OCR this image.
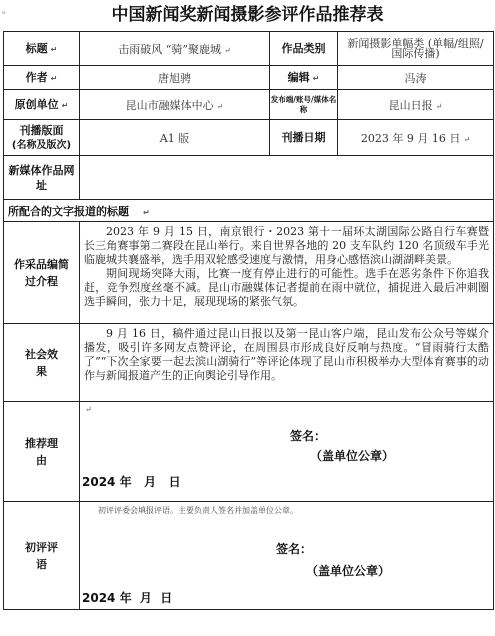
。	中国新闻奖新闻摄影参评作品推荐表
标题 ↵	击雨破风 “骑”聚鹿城 ↵	作品类别	新闻摄影单幅类 (单幅/组照/国际传播)
作者 ↵	唐旭骋	编辑 ↵	冯涛
原创单位 ↵	昆山市融媒体中心 ↵	发布端/账号/媒体名称	昆山日报 ↵

刊播版面
(名称及版次)	A1 版	刊播日期	2023 年 9 月 16 日 ↵
新媒体作品网址			
所配合的文字报道的标题 ↵			
作采品编简过介程	2023 年 9 月 15 日，南京银行・2023 第十一届环太湖国际公路自行车赛暨长三角赛事第二赛段在昆山举行。来自世界各地的 20 支车队约 120 名顶级车手光临鹿城共襄盛举，选手用双轮感受速度与激情，用身心感悟滨山湖湖畔美景。

期间现场突降大雨，比赛一度有停止进行的可能性。选手在恶劣条件下你追我赶，竞争烈度丝毫不减。昆山市融媒体记者提前在雨中就位，捕捉进入最后冲刺圈选手瞬间，张力十足，展现现场的紧张气氛。		

社会效果	9 月 16 日，稿件通过昆山日报以及第一昆山客户端，昆山发布公众号等媒介播发，吸引许多网友点赞评论，在周围县市形成良好反响与热度。“冒雨骑行太酷了”“下次全家要一起去滨山湖骑行”等评论体现了昆山市积极举办大型体育赛事的动作与新闻报道产生的正向舆论引导作用。		

推荐理由	↵
签名：
（盖单位公章）
2024 年   月   日		

初评评语	初评评委会填报评语。主要负责人签名并加盖单位公章。
签名：
（盖单位公章）
2024 年  月  日		
